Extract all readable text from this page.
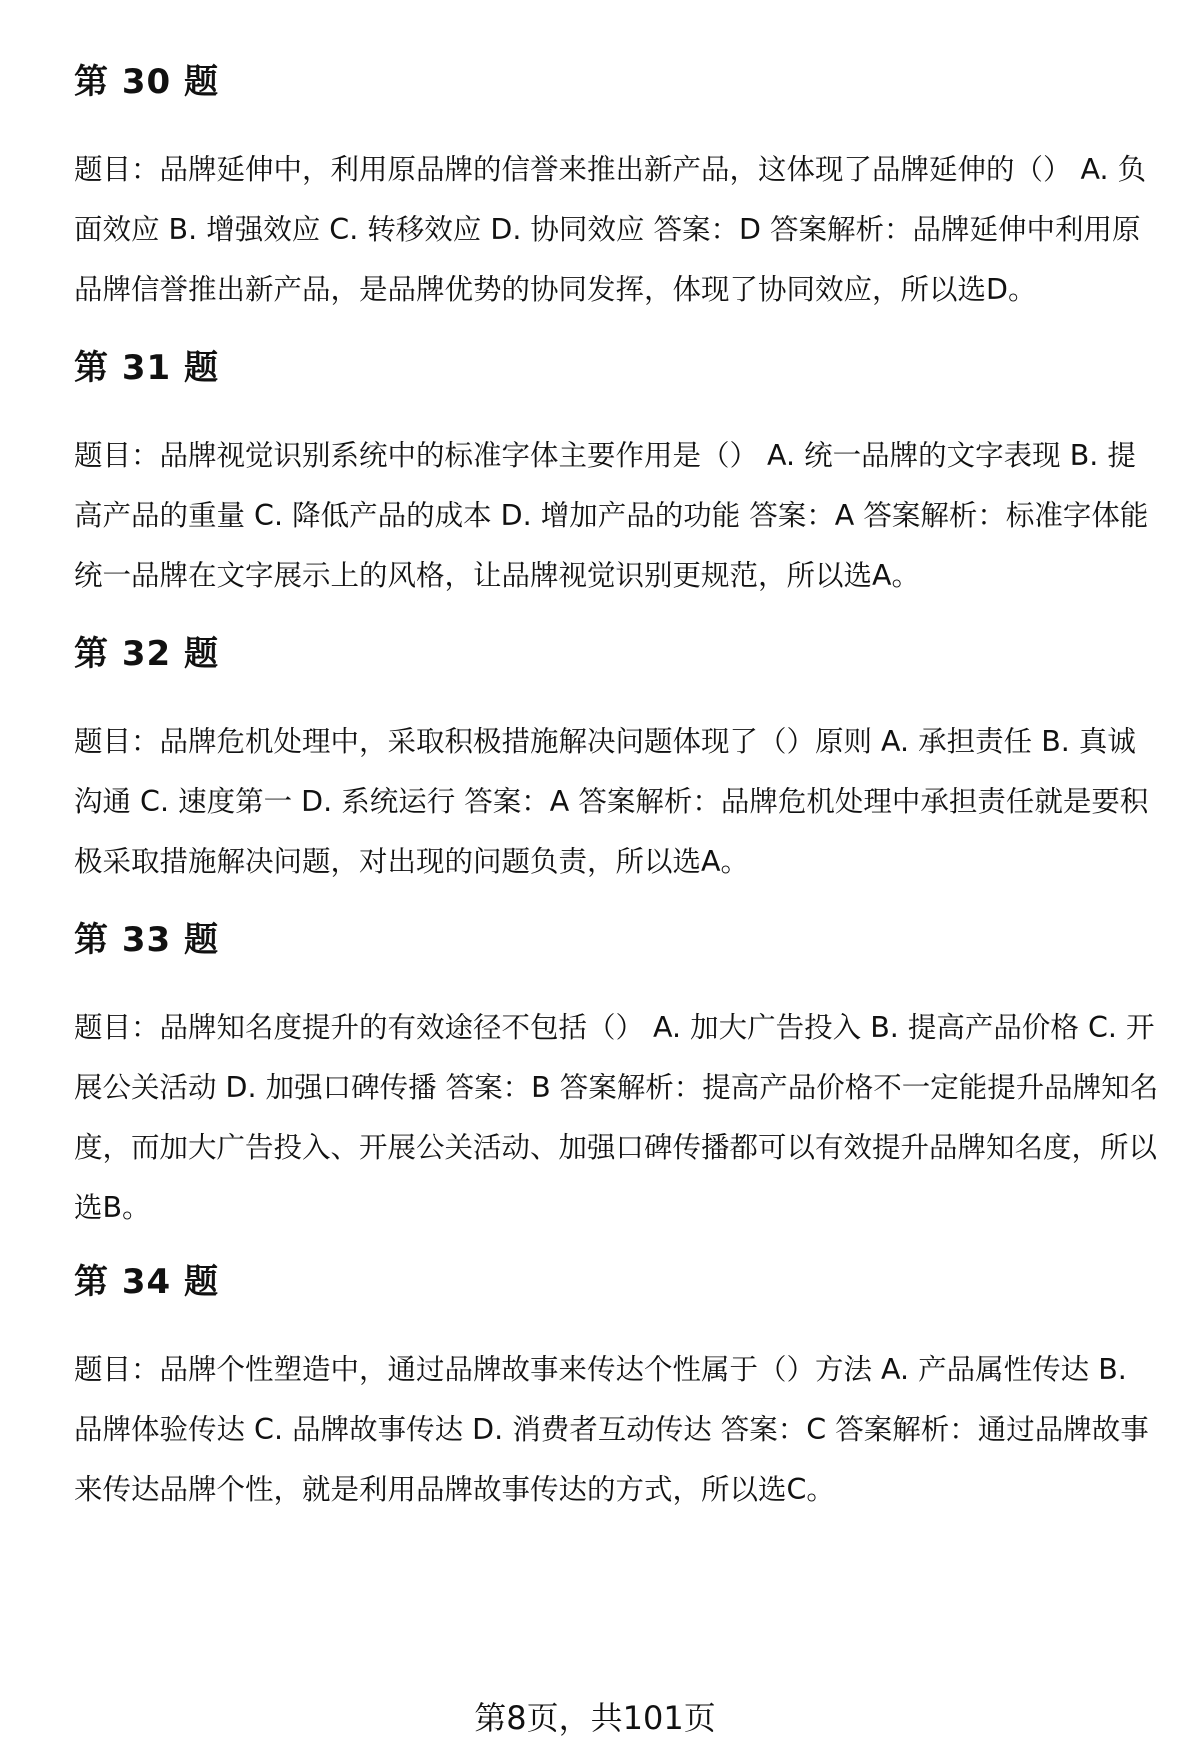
第 30 题

题目：品牌延伸中，利用原品牌的信誉来推出新产品，这体现了品牌延伸的（） A. 负面效应 B. 增强效应 C. 转移效应 D. 协同效应 答案：D 答案解析：品牌延伸中利用原品牌信誉推出新产品，是品牌优势的协同发挥，体现了协同效应，所以选D。

第 31 题

题目：品牌视觉识别系统中的标准字体主要作用是（） A. 统一品牌的文字表现 B. 提高产品的重量 C. 降低产品的成本 D. 增加产品的功能 答案：A 答案解析：标准字体能统一品牌在文字展示上的风格，让品牌视觉识别更规范，所以选A。

第 32 题

题目：品牌危机处理中，采取积极措施解决问题体现了（）原则 A. 承担责任 B. 真诚沟通 C. 速度第一 D. 系统运行 答案：A 答案解析：品牌危机处理中承担责任就是要积极采取措施解决问题，对出现的问题负责，所以选A。

第 33 题

题目：品牌知名度提升的有效途径不包括（） A. 加大广告投入 B. 提高产品价格 C. 开展公关活动 D. 加强口碑传播 答案：B 答案解析：提高产品价格不一定能提升品牌知名度，而加大广告投入、开展公关活动、加强口碑传播都可以有效提升品牌知名度，所以选B。

第 34 题

题目：品牌个性塑造中，通过品牌故事来传达个性属于（）方法 A. 产品属性传达 B. 品牌体验传达 C. 品牌故事传达 D. 消费者互动传达 答案：C 答案解析：通过品牌故事来传达品牌个性，就是利用品牌故事传达的方式，所以选C。

第8页，共101页
